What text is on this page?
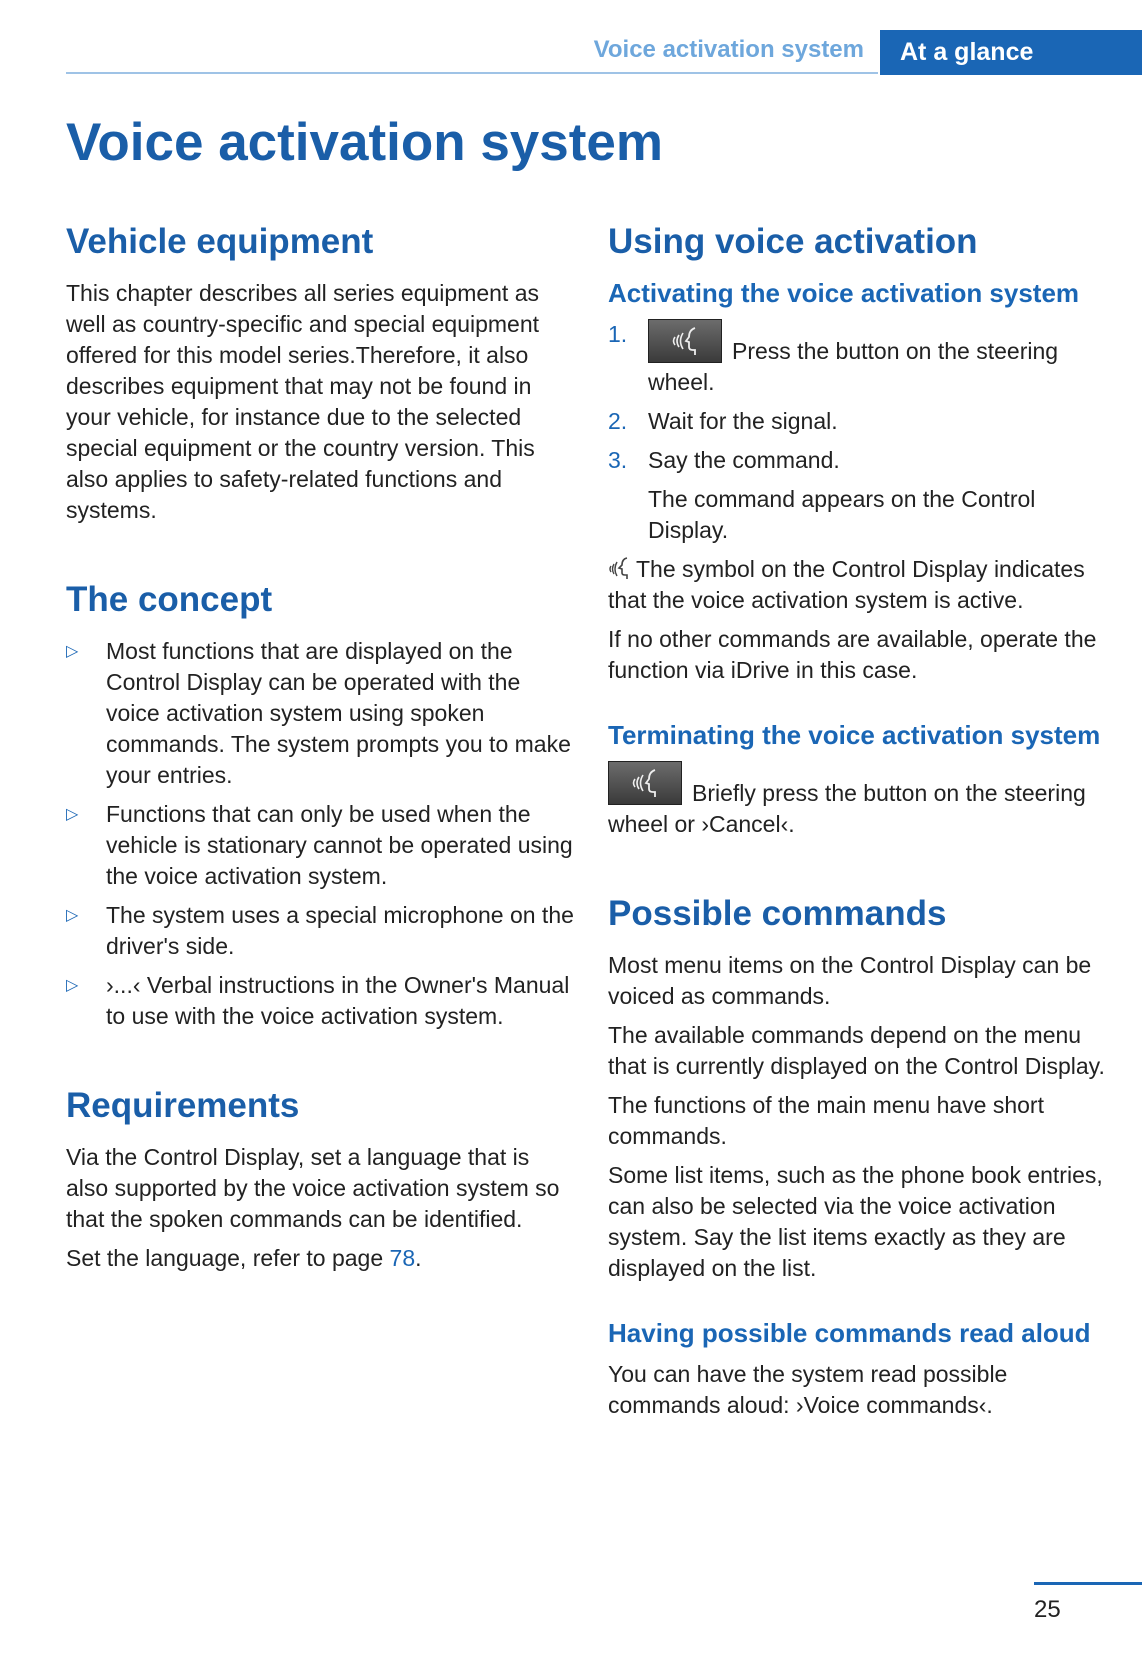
Voice activation system	At a glance
Voice activation system
Vehicle equipment

This chapter describes all series equipment as well as country-specific and special equipment offered for this model series.Therefore, it also describes equipment that may not be found in your vehicle, for instance due to the selected special equipment or the country version. This also applies to safety-related functions and systems.

The concept
▷ Most functions that are displayed on the Control Display can be operated with the voice activation system using spoken commands. The system prompts you to make your entries.
▷ Functions that can only be used when the vehicle is stationary cannot be operated using the voice activation system.
▷ The system uses a special microphone on the driver's side.
▷ ›...‹ Verbal instructions in the Owner's Manual to use with the voice activation system.
Requirements

Via the Control Display, set a language that is also supported by the voice activation system so that the spoken commands can be identified.

Set the language, refer to page 78.

Using voice activation
Activating the voice activation system
1.
Press the button on the steering wheel.
2. Wait for the signal.
3. Say the command.

The command appears on the Control Display.

The symbol on the Control Display indicates that the voice activation system is active.

If no other commands are available, operate the function via iDrive in this case.

Terminating the voice activation system

Briefly press the button on the steering wheel or ›Cancel‹.

Possible commands

Most menu items on the Control Display can be voiced as commands.

The available commands depend on the menu that is currently displayed on the Control Display.

The functions of the main menu have short commands.

Some list items, such as the phone book entries, can also be selected via the voice activation system. Say the list items exactly as they are displayed on the list.

Having possible commands read aloud

You can have the system read possible commands aloud: ›Voice commands‹.

25
